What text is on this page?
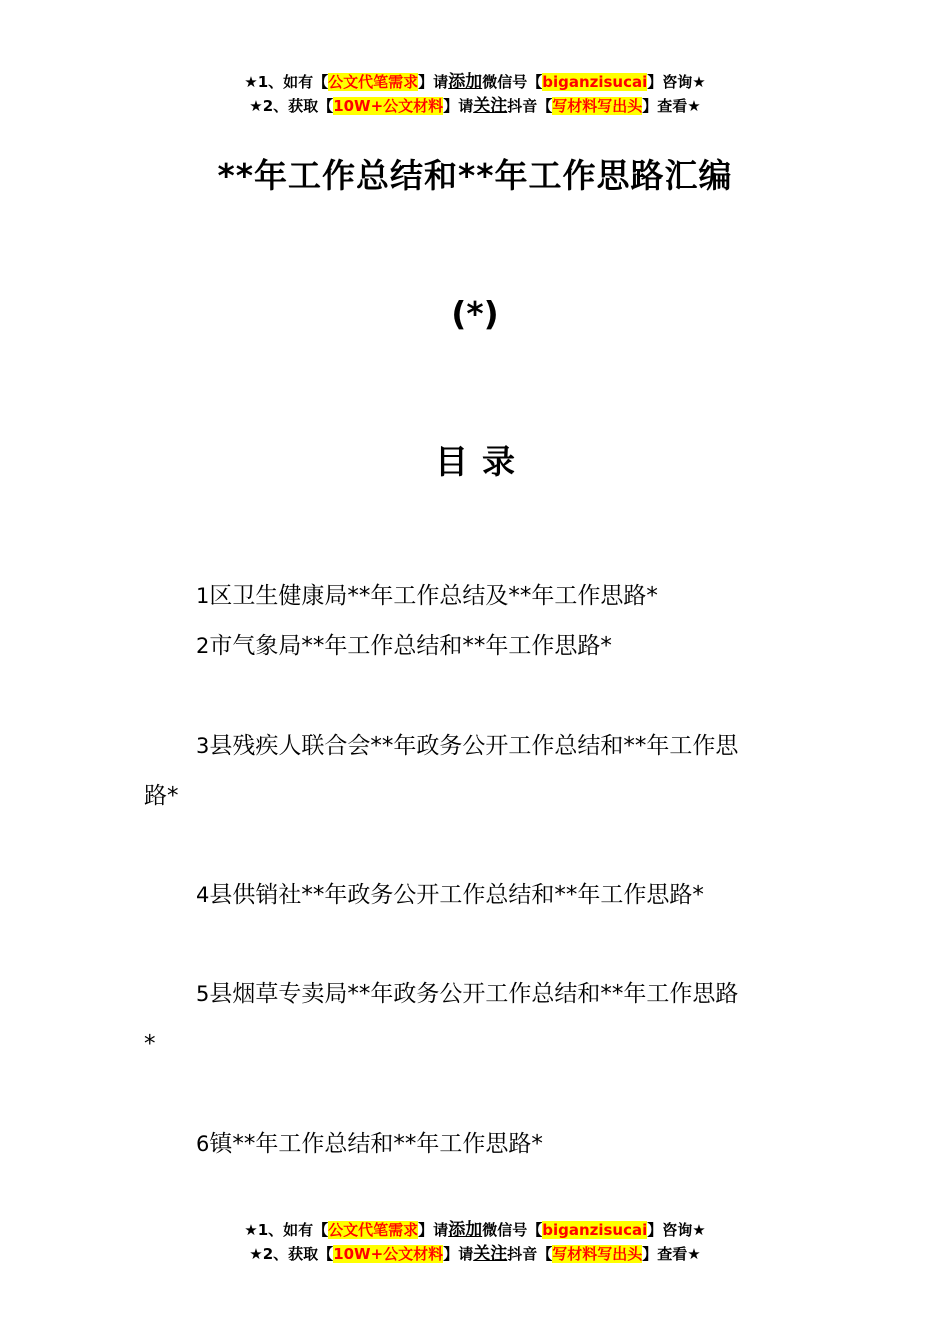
★1、如有【公文代笔需求】请添加微信号【biganzisucai】咨询★
★2、获取【10W+公文材料】请关注抖音【写材料写出头】查看★
**年工作总结和**年工作思路汇编
(*)
目录
1区卫生健康局**年工作总结及**年工作思路*
2市气象局**年工作总结和**年工作思路*
3县残疾人联合会**年政务公开工作总结和**年工作思
路*
4县供销社**年政务公开工作总结和**年工作思路*
5县烟草专卖局**年政务公开工作总结和**年工作思路
*
6镇**年工作总结和**年工作思路*
★1、如有【公文代笔需求】请添加微信号【biganzisucai】咨询★
★2、获取【10W+公文材料】请关注抖音【写材料写出头】查看★
